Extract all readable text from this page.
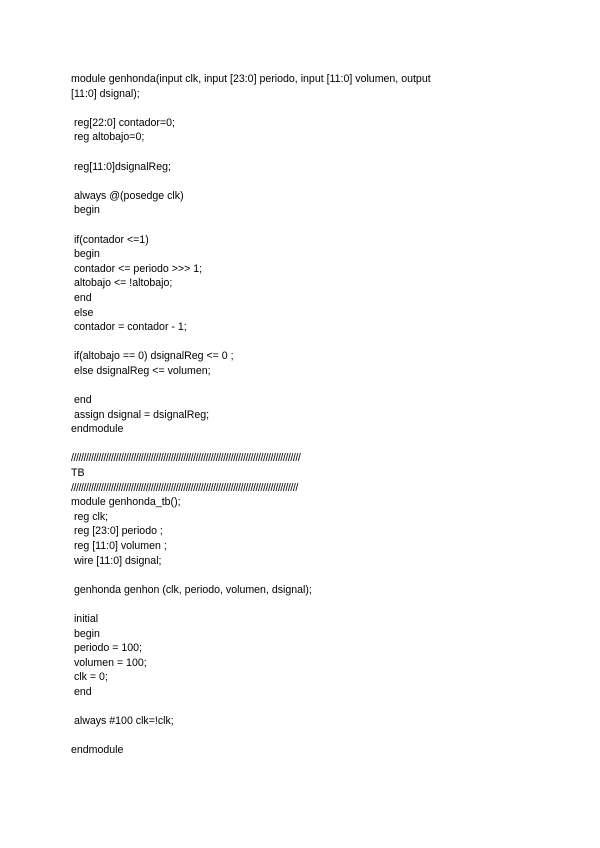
module genhonda(input clk, input [23:0] periodo, input [11:0] volumen, output
[11:0] dsignal);
reg[22:0] contador=0;
reg altobajo=0;
reg[11:0]dsignalReg;
always @(posedge clk)
begin
if(contador <=1)
begin
contador <= periodo >>> 1;
altobajo <= !altobajo;
end
else
contador = contador - 1;
if(altobajo == 0) dsignalReg <= 0 ;
else dsignalReg <= volumen;
end
assign dsignal = dsignalReg;
endmodule
////////////////////////////////////////////////////////////////////////////////////////////
TB
///////////////////////////////////////////////////////////////////////////////////////////
module genhonda_tb();
reg clk;
reg [23:0] periodo ;
reg [11:0] volumen ;
wire [11:0] dsignal;
genhonda genhon (clk, periodo, volumen, dsignal);
initial
begin
periodo = 100;
volumen = 100;
clk = 0;
end
always #100 clk=!clk;
endmodule
